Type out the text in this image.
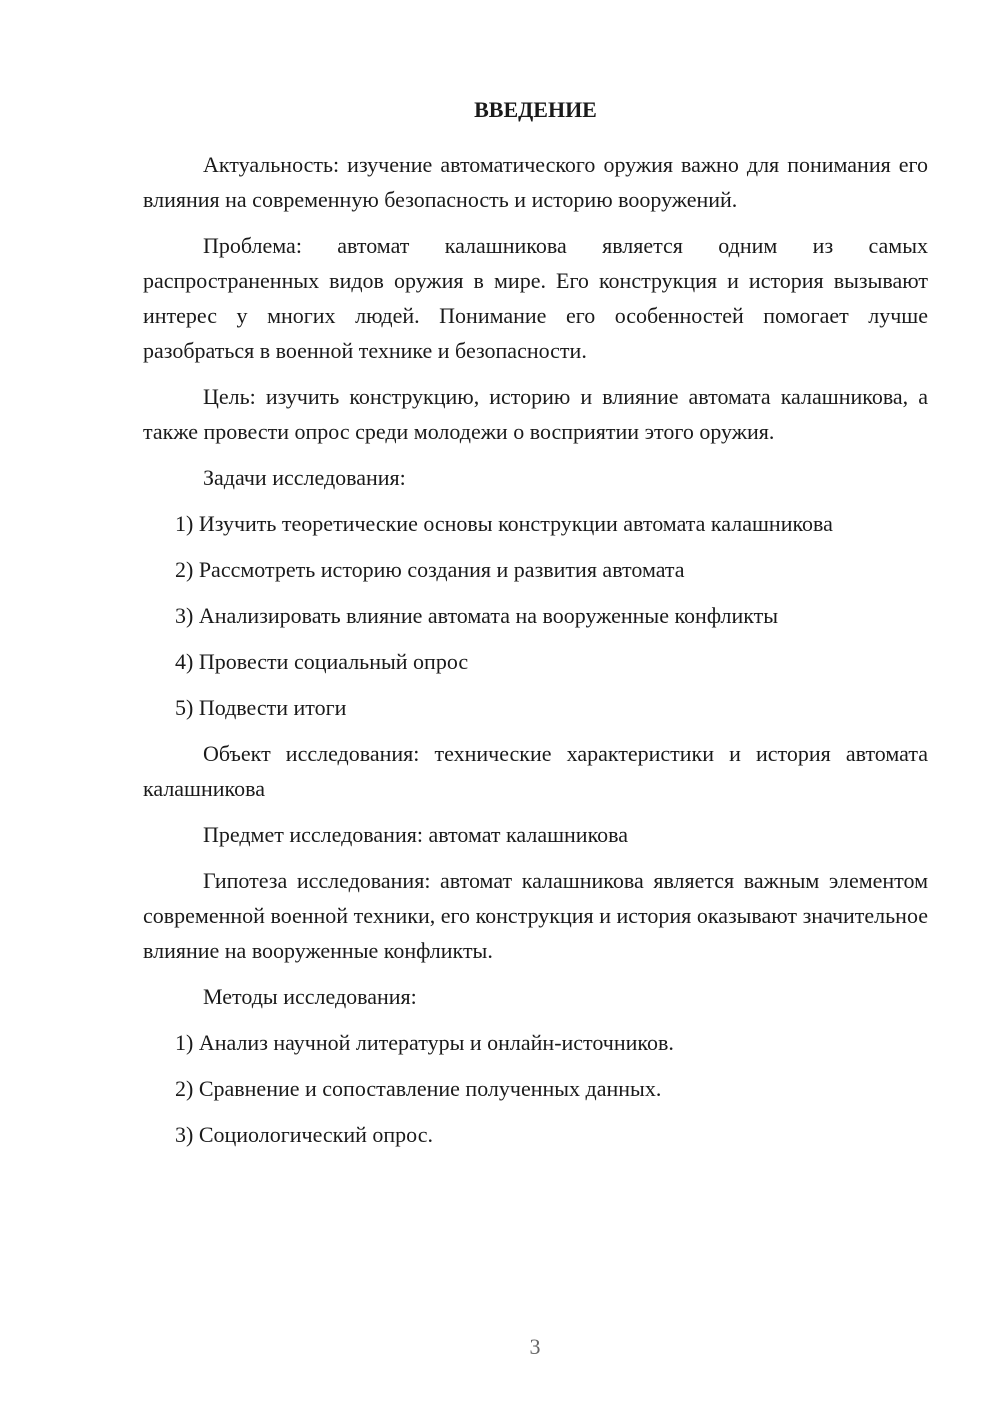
ВВЕДЕНИЕ

Актуальность: изучение автоматического оружия важно для понимания его влияния на современную безопасность и историю вооружений.

Проблема: автомат калашникова является одним из самых распространенных видов оружия в мире. Его конструкция и история вызывают интерес у многих людей. Понимание его особенностей помогает лучше разобраться в военной технике и безопасности.

Цель: изучить конструкцию, историю и влияние автомата калашникова, а также провести опрос среди молодежи о восприятии этого оружия.

Задачи исследования:

1) Изучить теоретические основы конструкции автомата калашникова
2) Рассмотреть историю создания и развития автомата
3) Анализировать влияние автомата на вооруженные конфликты
4) Провести социальный опрос
5) Подвести итоги

Объект исследования: технические характеристики и история автомата калашникова

Предмет исследования: автомат калашникова

Гипотеза исследования: автомат калашникова является важным элементом современной военной техники, его конструкция и история оказывают значительное влияние на вооруженные конфликты.

Методы исследования:

1) Анализ научной литературы и онлайн-источников.
2) Сравнение и сопоставление полученных данных.
3) Социологический опрос.
3
